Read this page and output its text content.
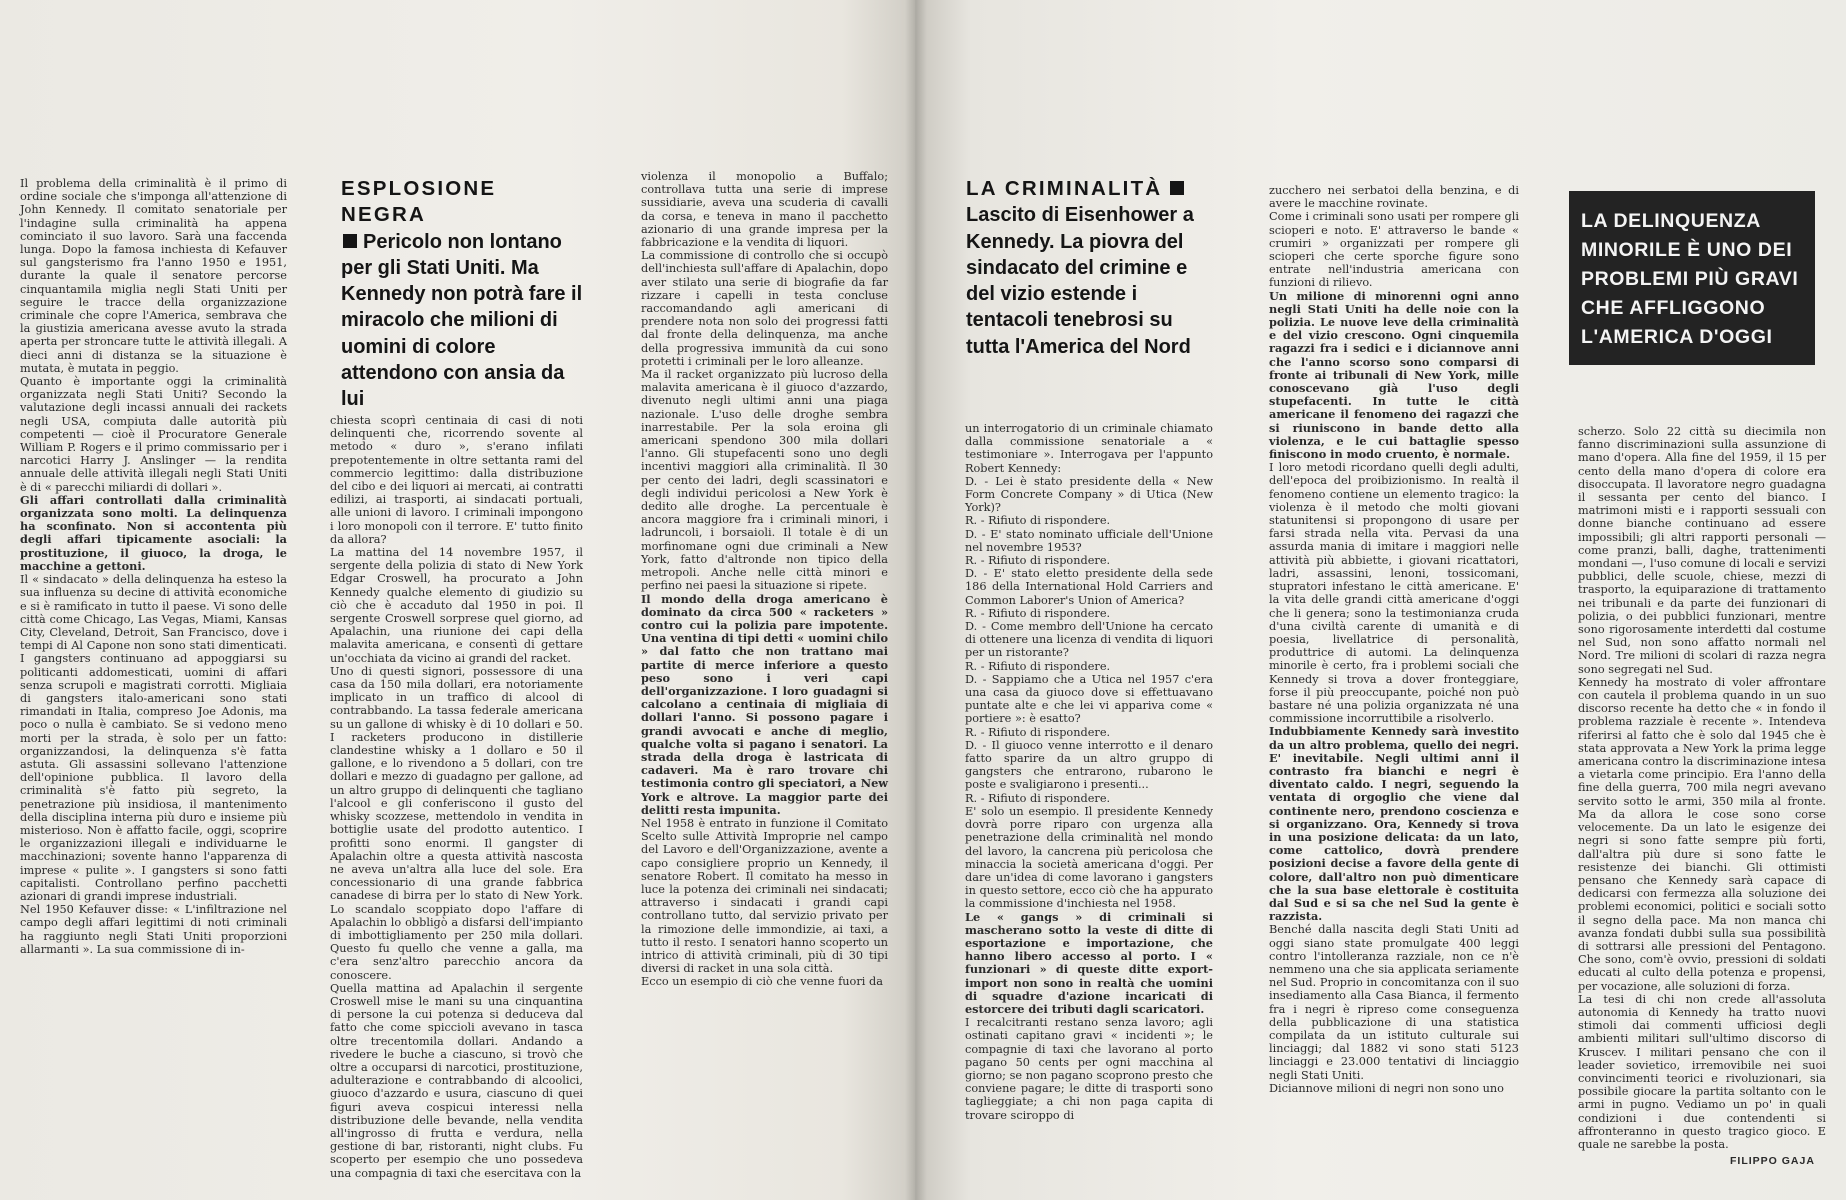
Il problema della criminalità è il primo di ordine sociale che s'imponga all'attenzione di John Kennedy. Il comitato senatoriale per l'indagine sulla criminalità ha appena cominciato il suo lavoro. Sarà una faccenda lunga. Dopo la famosa inchiesta di Kefauver sul gangsterismo fra l'anno 1950 e 1951, durante la quale il senatore percorse cinquantamila miglia negli Stati Uniti per seguire le tracce della organizzazione criminale che copre l'America, sembrava che la giustizia americana avesse avuto la strada aperta per stroncare tutte le attività illegali. A dieci anni di distanza se la situazione è mutata, è mutata in peggio.

Quanto è importante oggi la criminalità organizzata negli Stati Uniti? Secondo la valutazione degli incassi annuali dei rackets negli USA, compiuta dalle autorità più competenti — cioè il Procuratore Generale William P. Rogers e il primo commissario per i narcotici Harry J. Anslinger — la rendita annuale delle attività illegali negli Stati Uniti è di « parecchi miliardi di dollari ».

Gli affari controllati dalla criminalità organizzata sono molti. La delinquenza ha sconfinato. Non si accontenta più degli affari tipicamente asociali: la prostituzione, il giuoco, la droga, le macchine a gettoni.

Il « sindacato » della delinquenza ha esteso la sua influenza su decine di attività economiche e si è ramificato in tutto il paese. Vi sono delle città come Chicago, Las Vegas, Miami, Kansas City, Cleveland, Detroit, San Francisco, dove i tempi di Al Capone non sono stati dimenticati. I gangsters continuano ad appoggiarsi su politicanti addomesticati, uomini di affari senza scrupoli e magistrati corrotti. Migliaia di gangsters italo-americani sono stati rimandati in Italia, compreso Joe Adonis, ma poco o nulla è cambiato. Se si vedono meno morti per la strada, è solo per un fatto: organizzandosi, la delinquenza s'è fatta astuta. Gli assassini sollevano l'attenzione dell'opinione pubblica. Il lavoro della criminalità s'è fatto più segreto, la penetrazione più insidiosa, il mantenimento della disciplina interna più duro e insieme più misterioso. Non è affatto facile, oggi, scoprire le organizzazioni illegali e individuarne le macchinazioni; sovente hanno l'apparenza di imprese « pulite ». I gangsters si sono fatti capitalisti. Controllano perfino pacchetti azionari di grandi imprese industriali.

Nel 1950 Kefauver disse: « L'infiltrazione nel campo degli affari legittimi di noti criminali ha raggiunto negli Stati Uniti proporzioni allarmanti ». La sua commissione di in-

ESPLOSIONE NEGRA
Pericolo non lontano per gli Stati Uniti. Ma Kennedy non potrà fare il miracolo che milioni di uomini di colore attendono con ansia da lui

chiesta scoprì centinaia di casi di noti delinquenti che, ricorrendo sovente al metodo « duro », s'erano infilati prepotentemente in oltre settanta rami del commercio legittimo: dalla distribuzione del cibo e dei liquori ai mercati, ai contratti edilizi, ai trasporti, ai sindacati portuali, alle unioni di lavoro. I criminali impongono i loro monopoli con il terrore. E' tutto finito da allora?

La mattina del 14 novembre 1957, il sergente della polizia di stato di New York Edgar Croswell, ha procurato a John Kennedy qualche elemento di giudizio su ciò che è accaduto dal 1950 in poi. Il sergente Croswell sorprese quel giorno, ad Apalachin, una riunione dei capi della malavita americana, e consentì di gettare un'occhiata da vicino ai grandi del racket.

Uno di questi signori, possessore di una casa da 150 mila dollari, era notoriamente implicato in un traffico di alcool di contrabbando. La tassa federale americana su un gallone di whisky è di 10 dollari e 50. I racketers producono in distillerie clandestine whisky a 1 dollaro e 50 il gallone, e lo rivendono a 5 dollari, con tre dollari e mezzo di guadagno per gallone, ad un altro gruppo di delinquenti che tagliano l'alcool e gli conferiscono il gusto del whisky scozzese, mettendolo in vendita in bottiglie usate del prodotto autentico. I profitti sono enormi. Il gangster di Apalachin oltre a questa attività nascosta ne aveva un'altra alla luce del sole. Era concessionario di una grande fabbrica canadese di birra per lo stato di New York. Lo scandalo scoppiato dopo l'affare di Apalachin lo obbligò a disfarsi dell'impianto di imbottigliamento per 250 mila dollari. Questo fu quello che venne a galla, ma c'era senz'altro parecchio ancora da conoscere.

Quella mattina ad Apalachin il sergente Croswell mise le mani su una cinquantina di persone la cui potenza si deduceva dal fatto che come spiccioli avevano in tasca oltre trecentomila dollari. Andando a rivedere le buche a ciascuno, si trovò che oltre a occuparsi di narcotici, prostituzione, adulterazione e contrabbando di alcoolici, giuoco d'azzardo e usura, ciascuno di quei figuri aveva cospicui interessi nella distribuzione delle bevande, nella vendita all'ingrosso di frutta e verdura, nella gestione di bar, ristoranti, night clubs. Fu scoperto per esempio che uno possedeva una compagnia di taxi che esercitava con la

violenza il monopolio a Buffalo; controllava tutta una serie di imprese sussidiarie, aveva una scuderia di cavalli da corsa, e teneva in mano il pacchetto azionario di una grande impresa per la fabbricazione e la vendita di liquori.

La commissione di controllo che si occupò dell'inchiesta sull'affare di Apalachin, dopo aver stilato una serie di biografie da far rizzare i capelli in testa concluse raccomandando agli americani di prendere nota non solo dei progressi fatti dal fronte della delinquenza, ma anche della progressiva immunità da cui sono protetti i criminali per le loro alleanze.

Ma il racket organizzato più lucroso della malavita americana è il giuoco d'azzardo, divenuto negli ultimi anni una piaga nazionale. L'uso delle droghe sembra inarrestabile. Per la sola eroina gli americani spendono 300 mila dollari l'anno. Gli stupefacenti sono uno degli incentivi maggiori alla criminalità. Il 30 per cento dei ladri, degli scassinatori e degli individui pericolosi a New York è dedito alle droghe. La percentuale è ancora maggiore fra i criminali minori, i ladruncoli, i borsaioli. Il totale è di un morfinomane ogni due criminali a New York, fatto d'altronde non tipico della metropoli. Anche nelle città minori e perfino nei paesi la situazione si ripete.

Il mondo della droga americano è dominato da circa 500 « racketers » contro cui la polizia pare impotente. Una ventina di tipi detti « uomini chilo » dal fatto che non trattano mai partite di merce inferiore a questo peso sono i veri capi dell'organizzazione. I loro guadagni si calcolano a centinaia di migliaia di dollari l'anno. Si possono pagare i grandi avvocati e anche di meglio, qualche volta si pagano i senatori. La strada della droga è lastricata di cadaveri. Ma è raro trovare chi testimonia contro gli speciatori, a New York e altrove. La maggior parte dei delitti resta impunita.

Nel 1958 è entrato in funzione il Comitato Scelto sulle Attività Improprie nel campo del Lavoro e dell'Organizzazione, avente a capo consigliere proprio un Kennedy, il senatore Robert. Il comitato ha messo in luce la potenza dei criminali nei sindacati; attraverso i sindacati i grandi capi controllano tutto, dal servizio privato per la rimozione delle immondizie, ai taxi, a tutto il resto. I senatori hanno scoperto un intrico di attività criminali, più di 30 tipi diversi di racket in una sola città.

Ecco un esempio di ciò che venne fuori da

LA CRIMINALITÀ
Lascito di Eisenhower a Kennedy. La piovra del sindacato del crimine e del vizio estende i tentacoli tenebrosi su tutta l'America del Nord

un interrogatorio di un criminale chiamato dalla commissione senatoriale a « testimoniare ». Interrogava per l'appunto Robert Kennedy:

D. - Lei è stato presidente della « New Form Concrete Company » di Utica (New York)?

R. - Rifiuto di rispondere.

D. - E' stato nominato ufficiale dell'Unione nel novembre 1953?

R. - Rifiuto di rispondere.

D. - E' stato eletto presidente della sede 186 della International Hold Carriers and Common Laborer's Union of America?

R. - Rifiuto di rispondere.

D. - Come membro dell'Unione ha cercato di ottenere una licenza di vendita di liquori per un ristorante?

R. - Rifiuto di rispondere.

D. - Sappiamo che a Utica nel 1957 c'era una casa da giuoco dove si effettuavano puntate alte e che lei vi appariva come « portiere »: è esatto?

R. - Rifiuto di rispondere.

D. - Il giuoco venne interrotto e il denaro fatto sparire da un altro gruppo di gangsters che entrarono, rubarono le poste e svaligiarono i presenti...

R. - Rifiuto di rispondere.

E' solo un esempio. Il presidente Kennedy dovrà porre riparo con urgenza alla penetrazione della criminalità nel mondo del lavoro, la cancrena più pericolosa che minaccia la società americana d'oggi. Per dare un'idea di come lavorano i gangsters in questo settore, ecco ciò che ha appurato la commissione d'inchiesta nel 1958.

Le « gangs » di criminali si mascherano sotto la veste di ditte di esportazione e importazione, che hanno libero accesso al porto. I « funzionari » di queste ditte export-import non sono in realtà che uomini di squadre d'azione incaricati di estorcere dei tributi dagli scaricatori.

I recalcitranti restano senza lavoro; agli ostinati capitano gravi « incidenti »; le compagnie di taxi che lavorano al porto pagano 50 cents per ogni macchina al giorno; se non pagano scoprono presto che conviene pagare; le ditte di trasporti sono taglieggiate; a chi non paga capita di trovare sciroppo di

zucchero nei serbatoi della benzina, e di avere le macchine rovinate.

Come i criminali sono usati per rompere gli scioperi e noto. E' attraverso le bande « crumiri » organizzati per rompere gli scioperi che certe sporche figure sono entrate nell'industria americana con funzioni di rilievo.

Un milione di minorenni ogni anno negli Stati Uniti ha delle noie con la polizia. Le nuove leve della criminalità e del vizio crescono. Ogni cinquemila ragazzi fra i sedici e i diciannove anni che l'anno scorso sono comparsi di fronte ai tribunali di New York, mille conoscevano già l'uso degli stupefacenti. In tutte le città americane il fenomeno dei ragazzi che si riuniscono in bande detto alla violenza, e le cui battaglie spesso finiscono in modo cruento, è normale.

I loro metodi ricordano quelli degli adulti, dell'epoca del proibizionismo. In realtà il fenomeno contiene un elemento tragico: la violenza è il metodo che molti giovani statunitensi si propongono di usare per farsi strada nella vita. Pervasi da una assurda mania di imitare i maggiori nelle attività più abbiette, i giovani ricattatori, ladri, assassini, lenoni, tossicomani, stupratori infestano le città americane. E' la vita delle grandi città americane d'oggi che li genera; sono la testimonianza cruda d'una civiltà carente di umanità e di poesia, livellatrice di personalità, produttrice di automi. La delinquenza minorile è certo, fra i problemi sociali che Kennedy si trova a dover fronteggiare, forse il più preoccupante, poiché non può bastare né una polizia organizzata né una commissione incorruttibile a risolverlo.

Indubbiamente Kennedy sarà investito da un altro problema, quello dei negri. E' inevitabile. Negli ultimi anni il contrasto fra bianchi e negri è diventato caldo. I negri, seguendo la ventata di orgoglio che viene dal continente nero, prendono coscienza e si organizzano. Ora, Kennedy si trova in una posizione delicata: da un lato, come cattolico, dovrà prendere posizioni decise a favore della gente di colore, dall'altro non può dimenticare che la sua base elettorale è costituita dal Sud e si sa che nel Sud la gente è razzista.

Benché dalla nascita degli Stati Uniti ad oggi siano state promulgate 400 leggi contro l'intolleranza razziale, non ce n'è nemmeno una che sia applicata seriamente nel Sud. Proprio in concomitanza con il suo insediamento alla Casa Bianca, il fermento fra i negri è ripreso come conseguenza della pubblicazione di una statistica compilata da un istituto culturale sui linciaggi; dal 1882 vi sono stati 5123 linciaggi e 23.000 tentativi di linciaggio negli Stati Uniti.

Diciannove milioni di negri non sono uno

LA DELINQUENZA MINORILE È UNO DEI PROBLEMI PIÙ GRAVI CHE AFFLIGGONO L'AMERICA D'OGGI

scherzo. Solo 22 città su diecimila non fanno discriminazioni sulla assunzione di mano d'opera. Alla fine del 1959, il 15 per cento della mano d'opera di colore era disoccupata. Il lavoratore negro guadagna il sessanta per cento del bianco. I matrimoni misti e i rapporti sessuali con donne bianche continuano ad essere impossibili; gli altri rapporti personali — come pranzi, balli, daghe, trattenimenti mondani —, l'uso comune di locali e servizi pubblici, delle scuole, chiese, mezzi di trasporto, la equiparazione di trattamento nei tribunali e da parte dei funzionari di polizia, o dei pubblici funzionari, mentre sono rigorosamente interdetti dal costume nel Sud, non sono affatto normali nel Nord. Tre milioni di scolari di razza negra sono segregati nel Sud.

Kennedy ha mostrato di voler affrontare con cautela il problema quando in un suo discorso recente ha detto che « in fondo il problema razziale è recente ». Intendeva riferirsi al fatto che è solo dal 1945 che è stata approvata a New York la prima legge americana contro la discriminazione intesa a vietarla come principio. Era l'anno della fine della guerra, 700 mila negri avevano servito sotto le armi, 350 mila al fronte. Ma da allora le cose sono corse velocemente. Da un lato le esigenze dei negri si sono fatte sempre più forti, dall'altra più dure si sono fatte le resistenze dei bianchi. Gli ottimisti pensano che Kennedy sarà capace di dedicarsi con fermezza alla soluzione dei problemi economici, politici e sociali sotto il segno della pace. Ma non manca chi avanza fondati dubbi sulla sua possibilità di sottrarsi alle pressioni del Pentagono. Che sono, com'è ovvio, pressioni di soldati educati al culto della potenza e propensi, per vocazione, alle soluzioni di forza.

La tesi di chi non crede all'assoluta autonomia di Kennedy ha tratto nuovi stimoli dai commenti ufficiosi degli ambienti militari sull'ultimo discorso di Kruscev. I militari pensano che con il leader sovietico, irremovibile nei suoi convincimenti teorici e rivoluzionari, sia possibile giocare la partita soltanto con le armi in pugno. Vediamo un po' in quali condizioni i due contendenti si affronteranno in questo tragico gioco. E quale ne sarebbe la posta.

FILIPPO GAJA
